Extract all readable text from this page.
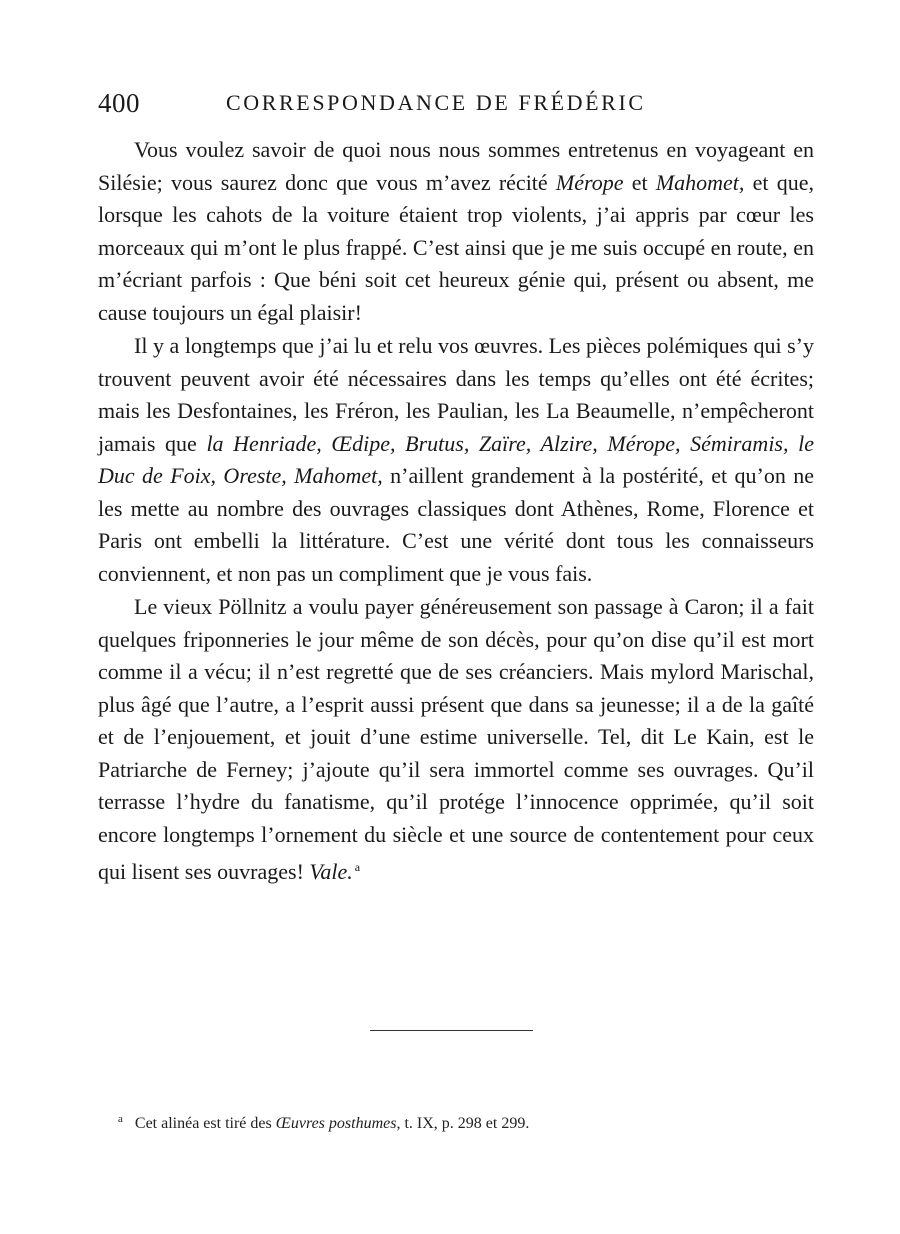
400	CORRESPONDANCE DE FRÉDÉRIC

Vous voulez savoir de quoi nous nous sommes entretenus en voyageant en Silésie; vous saurez donc que vous m’avez récité Mérope et Mahomet, et que, lorsque les cahots de la voiture étaient trop violents, j’ai appris par cœur les morceaux qui m’ont le plus frappé. C’est ainsi que je me suis occupé en route, en m’écriant parfois : Que béni soit cet heureux génie qui, présent ou absent, me cause toujours un égal plaisir!

Il y a longtemps que j’ai lu et relu vos œuvres. Les pièces polémiques qui s’y trouvent peuvent avoir été nécessaires dans les temps qu’elles ont été écrites; mais les Desfontaines, les Fréron, les Paulian, les La Beaumelle, n’empêcheront jamais que la Henriade, Œdipe, Brutus, Zaïre, Alzire, Mérope, Sémiramis, le Duc de Foix, Oreste, Mahomet, n’aillent grandement à la postérité, et qu’on ne les mette au nombre des ouvrages classiques dont Athènes, Rome, Florence et Paris ont embelli la littérature. C’est une vérité dont tous les connaisseurs conviennent, et non pas un compliment que je vous fais.

Le vieux Pöllnitz a voulu payer généreusement son passage à Caron; il a fait quelques friponneries le jour même de son décès, pour qu’on dise qu’il est mort comme il a vécu; il n’est regretté que de ses créanciers. Mais mylord Marischal, plus âgé que l’autre, a l’esprit aussi présent que dans sa jeunesse; il a de la gaîté et de l’enjouement, et jouit d’une estime universelle. Tel, dit Le Kain, est le Patriarche de Ferney; j’ajoute qu’il sera immortel comme ses ouvrages. Qu’il terrasse l’hydre du fanatisme, qu’il protége l’innocence opprimée, qu’il soit encore longtemps l’ornement du siècle et une source de contentement pour ceux qui lisent ses ouvrages! Vale. $^a$

$^a$ Cet alinéa est tiré des Œuvres posthumes, t. IX, p. 298 et 299.
